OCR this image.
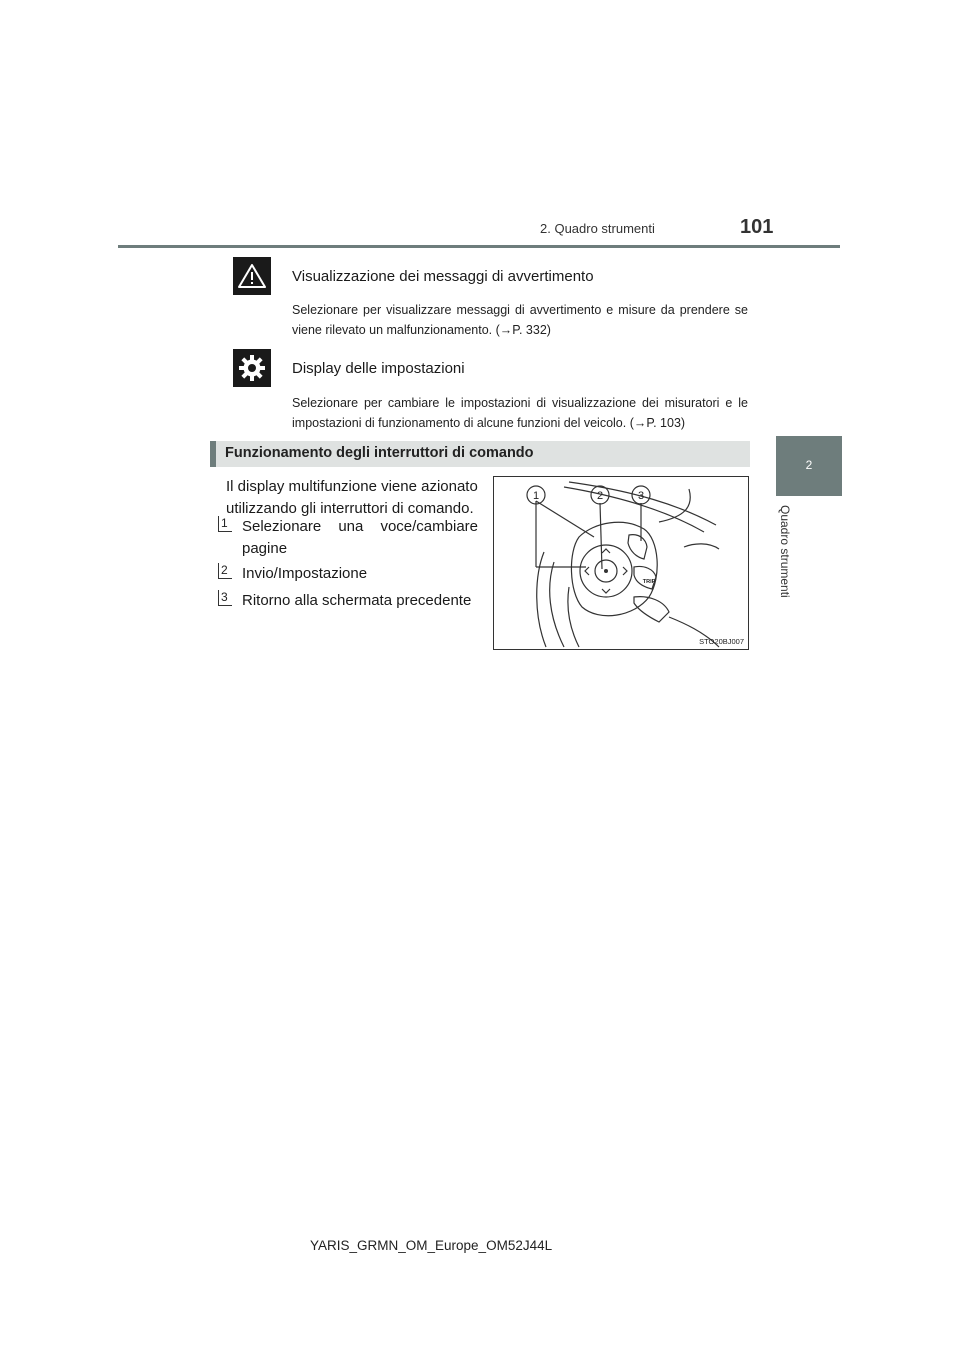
2. Quadro strumenti	101
2
Quadro strumenti
Visualizzazione dei messaggi di avvertimento
Selezionare per visualizzare messaggi di avvertimento e misure da prendere se viene rilevato un malfunzionamento. (→P. 332)
Display delle impostazioni
Selezionare per cambiare le impostazioni di visualizzazione dei misuratori e le impostazioni di funzionamento di alcune funzioni del veicolo. (→P. 103)
Funzionamento degli interruttori di comando
Il display multifunzione viene azionato utilizzando gli interruttori di comando.
1 Selezionare una voce/cambiare pagine
2 Invio/Impostazione
3 Ritorno alla schermata precedente
1	2	3
TRIP
STO20BJ007
YARIS_GRMN_OM_Europe_OM52J44L
